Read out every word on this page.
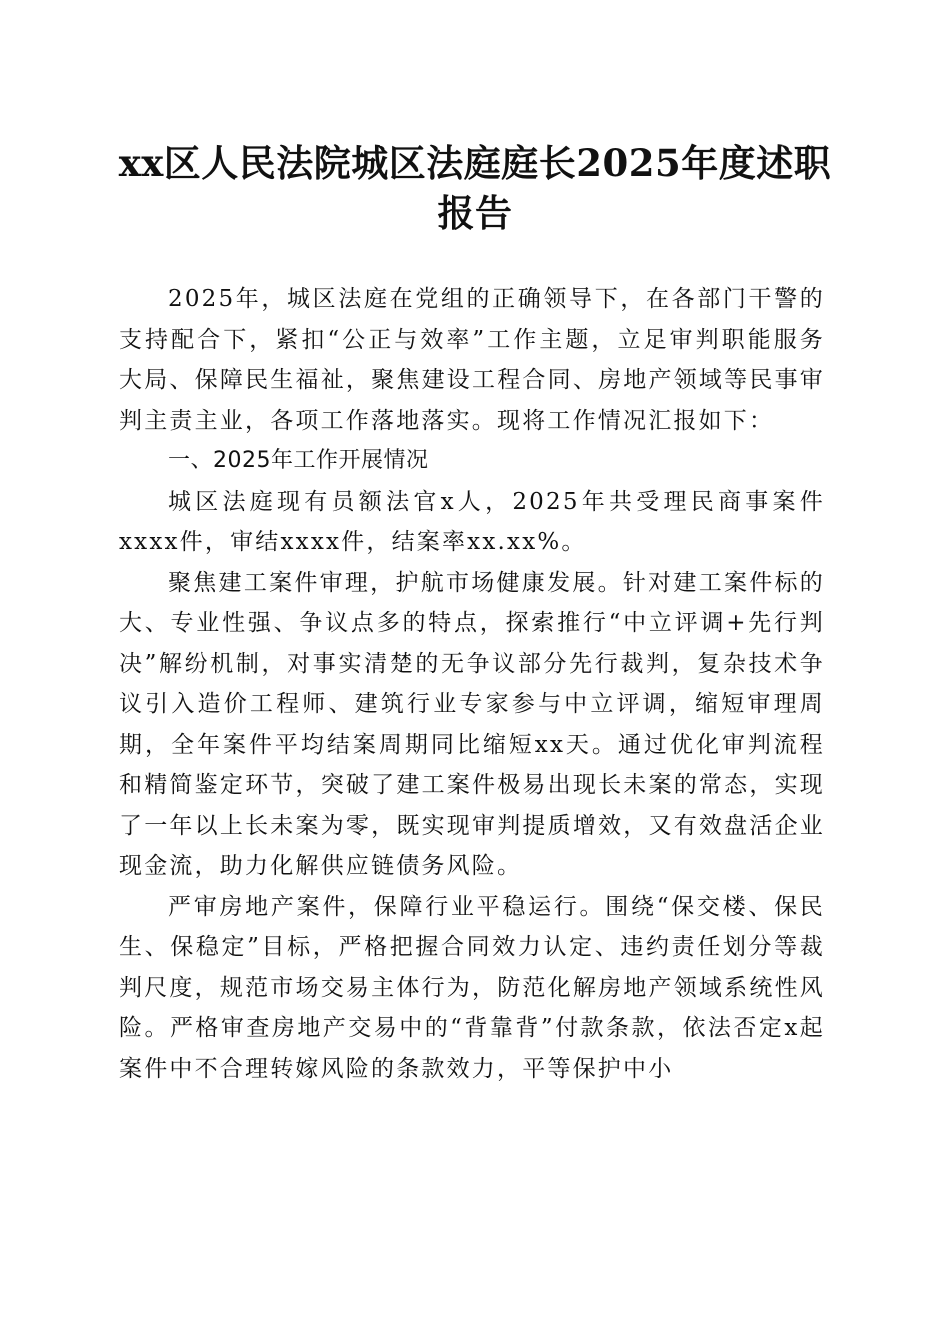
xx区人民法院城区法庭庭长2025年度述职报告

2025年，城区法庭在党组的正确领导下，在各部门干警的支持配合下，紧扣“公正与效率”工作主题，立足审判职能服务大局、保障民生福祉，聚焦建设工程合同、房地产领域等民事审判主责主业，各项工作落地落实。现将工作情况汇报如下：

一、2025年工作开展情况

城区法庭现有员额法官x人，2025年共受理民商事案件xxxx件，审结xxxx件，结案率xx.xx%。

聚焦建工案件审理，护航市场健康发展。针对建工案件标的大、专业性强、争议点多的特点，探索推行“中立评调+先行判决”解纷机制，对事实清楚的无争议部分先行裁判，复杂技术争议引入造价工程师、建筑行业专家参与中立评调，缩短审理周期，全年案件平均结案周期同比缩短xx天。通过优化审判流程和精简鉴定环节，突破了建工案件极易出现长未案的常态，实现了一年以上长未案为零，既实现审判提质增效，又有效盘活企业现金流，助力化解供应链债务风险。

严审房地产案件，保障行业平稳运行。围绕“保交楼、保民生、保稳定”目标，严格把握合同效力认定、违约责任划分等裁判尺度，规范市场交易主体行为，防范化解房地产领域系统性风险。严格审查房地产交易中的“背靠背”付款条款，依法否定x起案件中不合理转嫁风险的条款效力，平等保护中小
